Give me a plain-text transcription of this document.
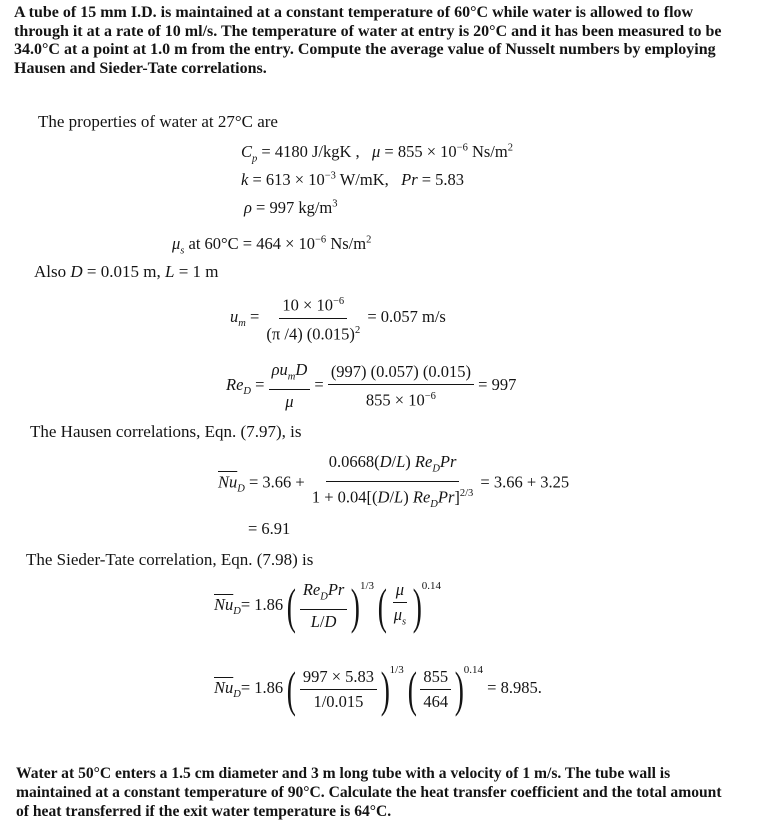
A tube of 15 mm I.D. is maintained at a constant temperature of 60°C while water is allowed to flow
through it at a rate of 10 ml/s. The temperature of water at entry is 20°C and it has been measured to be
34.0°C at a point at 1.0 m from the entry. Compute the average value of Nusselt numbers by employing
Hausen and Sieder-Tate correlations.
The properties of water at 27°C are
$C_p = 4180$ J/kgK , $\mu = 855 \times 10^{-6}$ $Ns/m^2$
$k = 613 \times 10^{-3}$ W/mK, Pr = 5.83
ρ = 997 $kg/m^3$
$\mu_s$ at $60^\circ C = 464 \times 10^{-6}$ $Ns/m^2$
Also D = 0.015 m, L = 1 m
$u_m = \frac{10 \times 10^{-6}}{(\pi /4) (0.015)^2} = 0.057$ m/s
$Re_D = \frac{\rho u_mD}{\mu} = \frac{(997) (0.057) (0.015)}{855 \times 10^{-6}} = 997$
The Hausen correlations, Eqn. (7.97), is
$\overline{Nu}_D = 3.66 + \frac{0.0668(D/L) Re_DPr}{1 + 0.04[(D/L) Re_DPr]^{2/3}} = 3.66 + 3.25$
= 6.91
The Sieder-Tate correlation, Eqn. (7.98) is
$\overline{Nu}_D= 1.86$ ( $\frac{Re_DPr}{L/D}$ ) 1/3 ( $\frac{\mu}{\mu_s}$ ) 0.14
$\overline{Nu}_D= 1.86$ ( $\frac{997 \times 5.83}{1/0.015}$ ) 1/3 ( $\frac{855}{464}$ ) 0.14
= 8.985.
Water at 50°C enters a 1.5 cm diameter and 3 m long tube with a velocity of 1 m/s. The tube wall is
maintained at a constant temperature of 90°C. Calculate the heat transfer coefficient and the total amount
of heat transferred if the exit water temperature is 64°C.
